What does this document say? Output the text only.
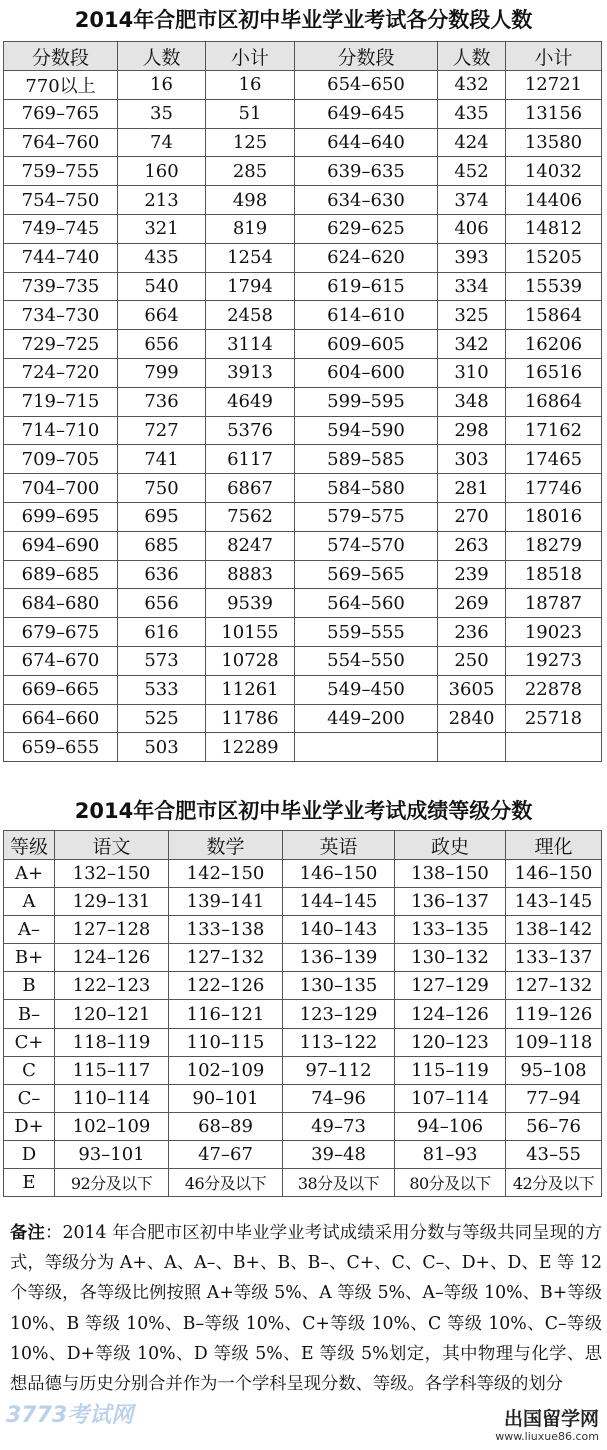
2014年合肥市区初中毕业学业考试各分数段人数
分数段	人数	小计	分数段	人数	小计
770以上	16	16	654–650	432	12721
769–765	35	51	649–645	435	13156
764–760	74	125	644–640	424	13580
759–755	160	285	639–635	452	14032
754–750	213	498	634–630	374	14406
749–745	321	819	629–625	406	14812
744–740	435	1254	624–620	393	15205
739–735	540	1794	619–615	334	15539
734–730	664	2458	614–610	325	15864
729–725	656	3114	609–605	342	16206
724–720	799	3913	604–600	310	16516
719–715	736	4649	599–595	348	16864
714–710	727	5376	594–590	298	17162
709–705	741	6117	589–585	303	17465
704–700	750	6867	584–580	281	17746
699–695	695	7562	579–575	270	18016
694–690	685	8247	574–570	263	18279
689–685	636	8883	569–565	239	18518
684–680	656	9539	564–560	269	18787
679–675	616	10155	559–555	236	19023
674–670	573	10728	554–550	250	19273
669–665	533	11261	549–450	3605	22878
664–660	525	11786	449–200	2840	25718
659–655	503	12289			
2014年合肥市区初中毕业学业考试成绩等级分数
等级	语文	数学	英语	政史	理化
A+	132–150	142–150	146–150	138–150	146–150
A	129–131	139–141	144–145	136–137	143–145
A–	127–128	133–138	140–143	133–135	138–142
B+	124–126	127–132	136–139	130–132	133–137
B	122–123	122–126	130–135	127–129	127–132
B–	120–121	116–121	123–129	124–126	119–126
C+	118–119	110–115	113–122	120–123	109–118
C	115–117	102–109	97–112	115–119	95–108
C–	110–114	90–101	74–96	107–114	77–94
D+	102–109	68–89	49–73	94–106	56–76
D	93–101	47–67	39–48	81–93	43–55
E	92分及以下	46分及以下	38分及以下	80分及以下	42分及以下
备注：2014 年合肥市区初中毕业学业考试成绩采用分数与等级共同呈现的方式，等级分为 A+、A、A–、B+、B、B–、C+、C、C–、D+、D、E 等 12 个等级，各等级比例按照 A+等级 5%、A 等级 5%、A–等级 10%、B+等级 10%、B 等级 10%、B–等级 10%、C+等级 10%、C 等级 10%、C–等级 10%、D+等级 10%、D 等级 5%、E 等级 5%划定，其中物理与化学、思想品德与历史分别合并作为一个学科呈现分数、等级。各学科等级的划分
3773考试网	出国留学网
www.liuxue86.com
